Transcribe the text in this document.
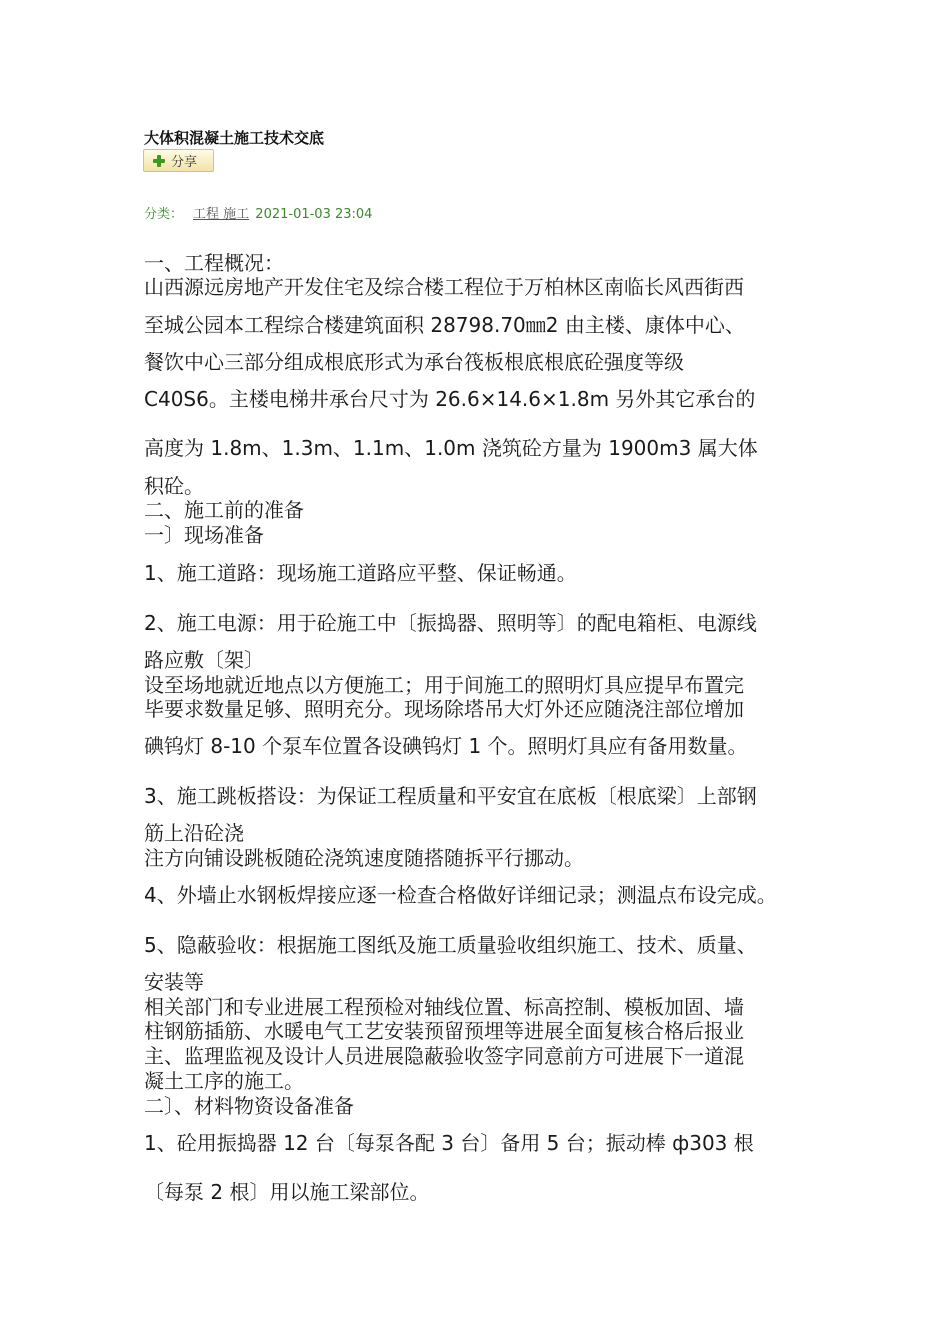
大体积混凝土施工技术交底
分享
分类： 工程 施工 2021-01-03 23:04
一、工程概况：
山西源远房地产开发住宅及综合楼工程位于万柏林区南临长风西街西
至城公园本工程综合楼建筑面积 28798.70㎜2 由主楼、康体中心、
餐饮中心三部分组成根底形式为承台筏板根底根底砼强度等级
C40S6。主楼电梯井承台尺寸为 26.6×14.6×1.8m 另外其它承台的
高度为 1.8m、1.3m、1.1m、1.0m 浇筑砼方量为 1900m3 属大体
积砼。
二、施工前的准备
一〕现场准备
1、施工道路：现场施工道路应平整、保证畅通。
2、施工电源：用于砼施工中〔振捣器、照明等〕的配电箱柜、电源线
路应敷〔架〕
设至场地就近地点以方便施工；用于间施工的照明灯具应提早布置完
毕要求数量足够、照明充分。现场除塔吊大灯外还应随浇注部位增加
碘钨灯 8-10 个泵车位置各设碘钨灯 1 个。照明灯具应有备用数量。
3、施工跳板搭设：为保证工程质量和平安宜在底板〔根底梁〕上部钢
筋上沿砼浇
注方向铺设跳板随砼浇筑速度随搭随拆平行挪动。
4、外墙止水钢板焊接应逐一检查合格做好详细记录；测温点布设完成。
5、隐蔽验收：根据施工图纸及施工质量验收组织施工、技术、质量、
安装等
相关部门和专业进展工程预检对轴线位置、标高控制、模板加固、墙
柱钢筋插筋、水暖电气工艺安装预留预埋等进展全面复核合格后报业
主、监理监视及设计人员进展隐蔽验收签字同意前方可进展下一道混
凝土工序的施工。
二〕、材料物资设备准备
1、砼用振捣器 12 台〔每泵各配 3 台〕备用 5 台；振动棒 ф303 根
〔每泵 2 根〕用以施工梁部位。
